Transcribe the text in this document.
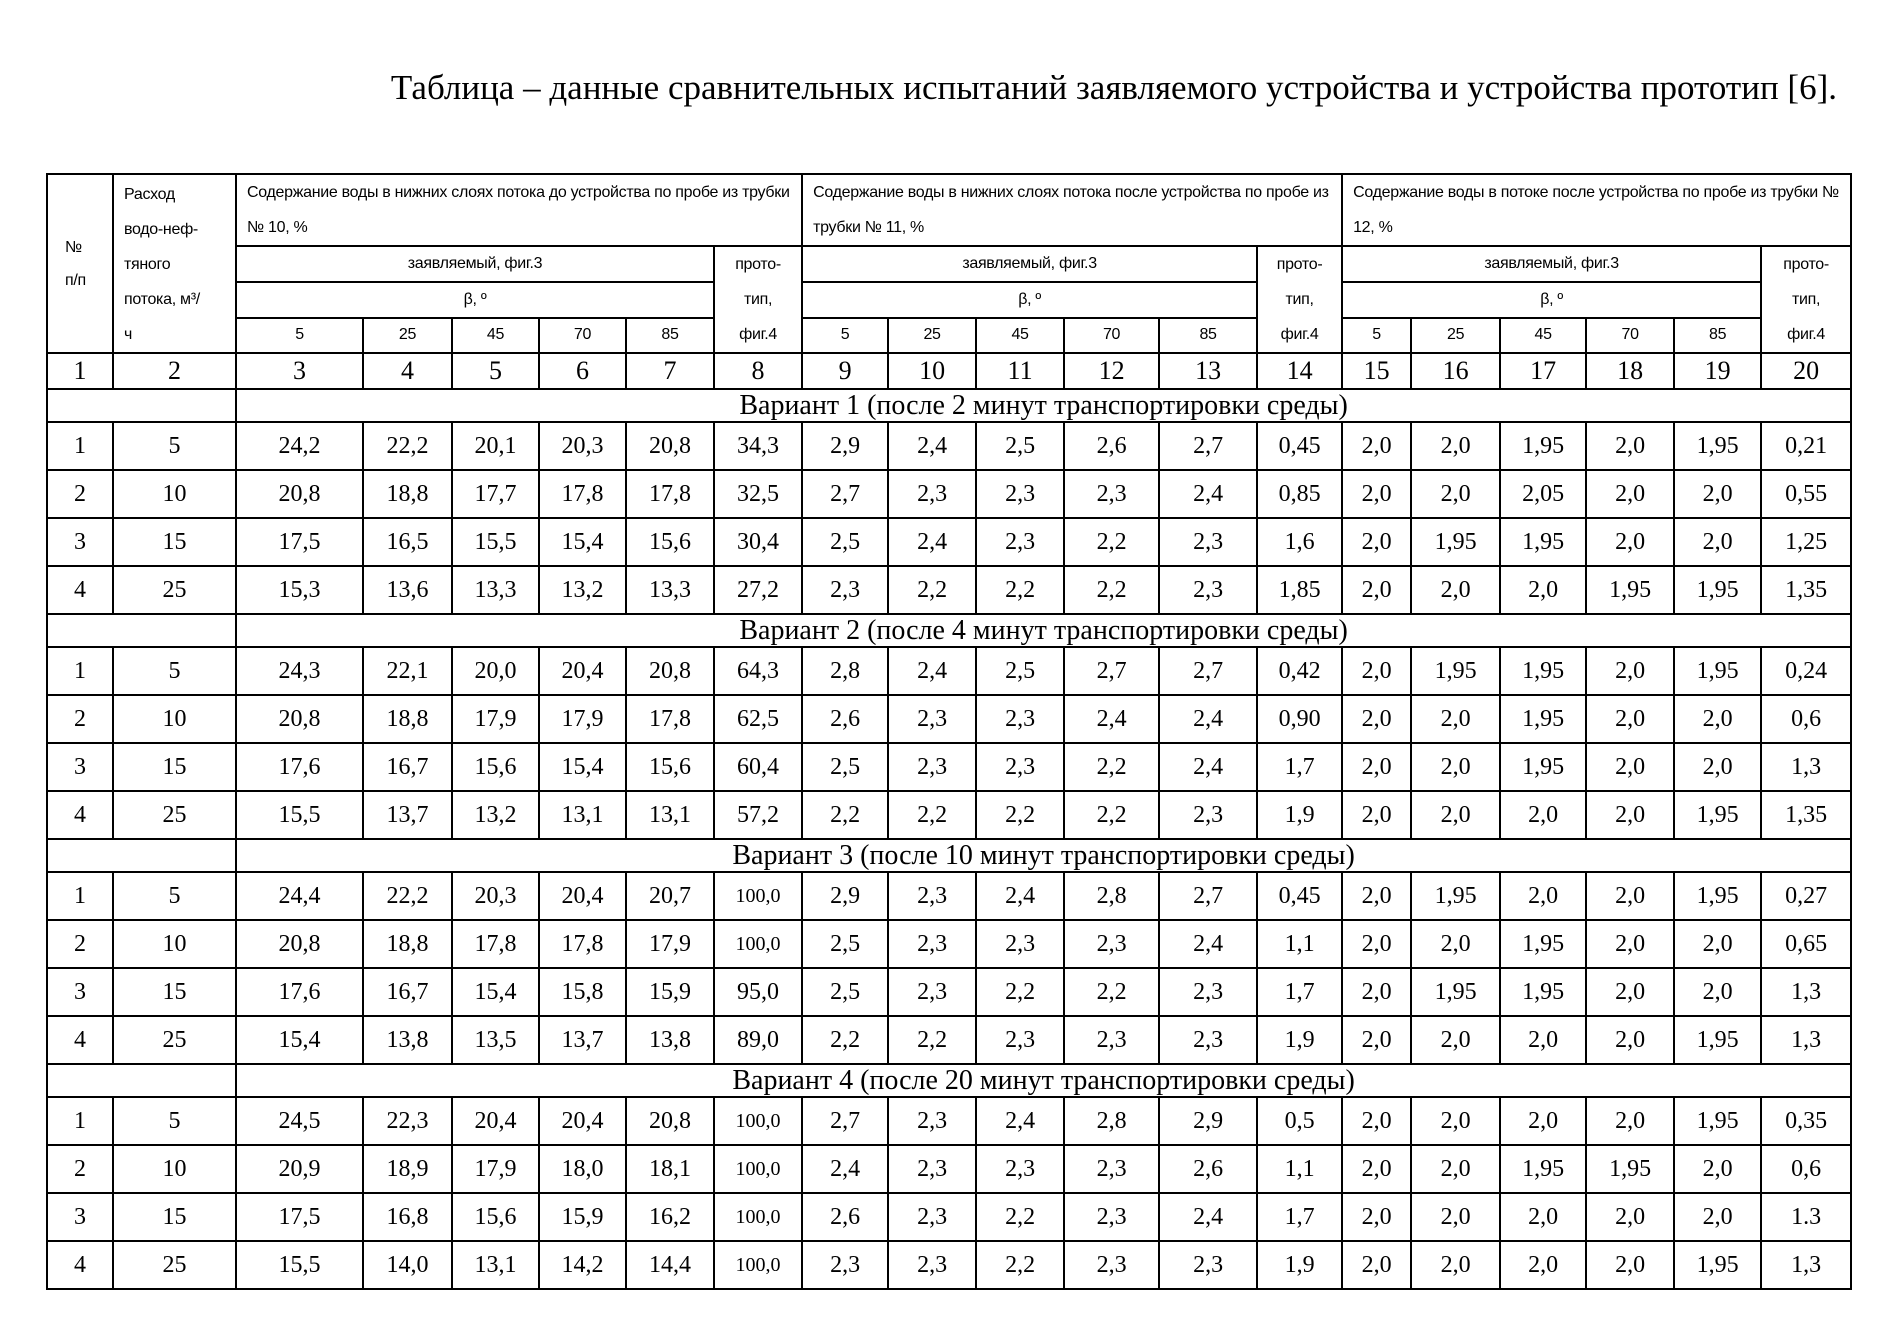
Таблица – данные сравнительных испытаний заявляемого устройства и устройства прототип [6].
№ п/п

Расход водо-неф-тяного потока, м³/ч
	Содержание воды в нижних слоях потока до устройства по пробе из трубки № 10, %	Содержание воды в нижних слоях потока после устройства по пробе из трубки № 11, %	Содержание воды в потоке после устройства по пробе из трубки № 12, %
заявляемый, фиг.3	прото-тип, фиг.4
	заявляемый, фиг.3	прото-тип, фиг.4
	заявляемый, фиг.3	прото-тип, фиг.4

β, º	β, º	β, º
5	25	45	70	85	5	25	45	70	85	5	25	45	70	85
1	2	3	4	5	6	7	8	9	10	11	12	13	14	15	16	17	18	19	20
	Вариант 1 (после 2 минут транспортировки среды)
1	5	24,2	22,2	20,1	20,3	20,8	34,3	2,9	2,4	2,5	2,6	2,7	0,45	2,0	2,0	1,95	2,0	1,95	0,21
2	10	20,8	18,8	17,7	17,8	17,8	32,5	2,7	2,3	2,3	2,3	2,4	0,85	2,0	2,0	2,05	2,0	2,0	0,55
3	15	17,5	16,5	15,5	15,4	15,6	30,4	2,5	2,4	2,3	2,2	2,3	1,6	2,0	1,95	1,95	2,0	2,0	1,25
4	25	15,3	13,6	13,3	13,2	13,3	27,2	2,3	2,2	2,2	2,2	2,3	1,85	2,0	2,0	2,0	1,95	1,95	1,35
	Вариант 2 (после 4 минут транспортировки среды)
1	5	24,3	22,1	20,0	20,4	20,8	64,3	2,8	2,4	2,5	2,7	2,7	0,42	2,0	1,95	1,95	2,0	1,95	0,24
2	10	20,8	18,8	17,9	17,9	17,8	62,5	2,6	2,3	2,3	2,4	2,4	0,90	2,0	2,0	1,95	2,0	2,0	0,6
3	15	17,6	16,7	15,6	15,4	15,6	60,4	2,5	2,3	2,3	2,2	2,4	1,7	2,0	2,0	1,95	2,0	2,0	1,3
4	25	15,5	13,7	13,2	13,1	13,1	57,2	2,2	2,2	2,2	2,2	2,3	1,9	2,0	2,0	2,0	2,0	1,95	1,35
	Вариант 3 (после 10 минут транспортировки среды)
1	5	24,4	22,2	20,3	20,4	20,7	100,0	2,9	2,3	2,4	2,8	2,7	0,45	2,0	1,95	2,0	2,0	1,95	0,27
2	10	20,8	18,8	17,8	17,8	17,9	100,0	2,5	2,3	2,3	2,3	2,4	1,1	2,0	2,0	1,95	2,0	2,0	0,65
3	15	17,6	16,7	15,4	15,8	15,9	95,0	2,5	2,3	2,2	2,2	2,3	1,7	2,0	1,95	1,95	2,0	2,0	1,3
4	25	15,4	13,8	13,5	13,7	13,8	89,0	2,2	2,2	2,3	2,3	2,3	1,9	2,0	2,0	2,0	2,0	1,95	1,3
	Вариант 4 (после 20 минут транспортировки среды)
1	5	24,5	22,3	20,4	20,4	20,8	100,0	2,7	2,3	2,4	2,8	2,9	0,5	2,0	2,0	2,0	2,0	1,95	0,35
2	10	20,9	18,9	17,9	18,0	18,1	100,0	2,4	2,3	2,3	2,3	2,6	1,1	2,0	2,0	1,95	1,95	2,0	0,6
3	15	17,5	16,8	15,6	15,9	16,2	100,0	2,6	2,3	2,2	2,3	2,4	1,7	2,0	2,0	2,0	2,0	2,0	1.3
4	25	15,5	14,0	13,1	14,2	14,4	100,0	2,3	2,3	2,2	2,3	2,3	1,9	2,0	2,0	2,0	2,0	1,95	1,3
